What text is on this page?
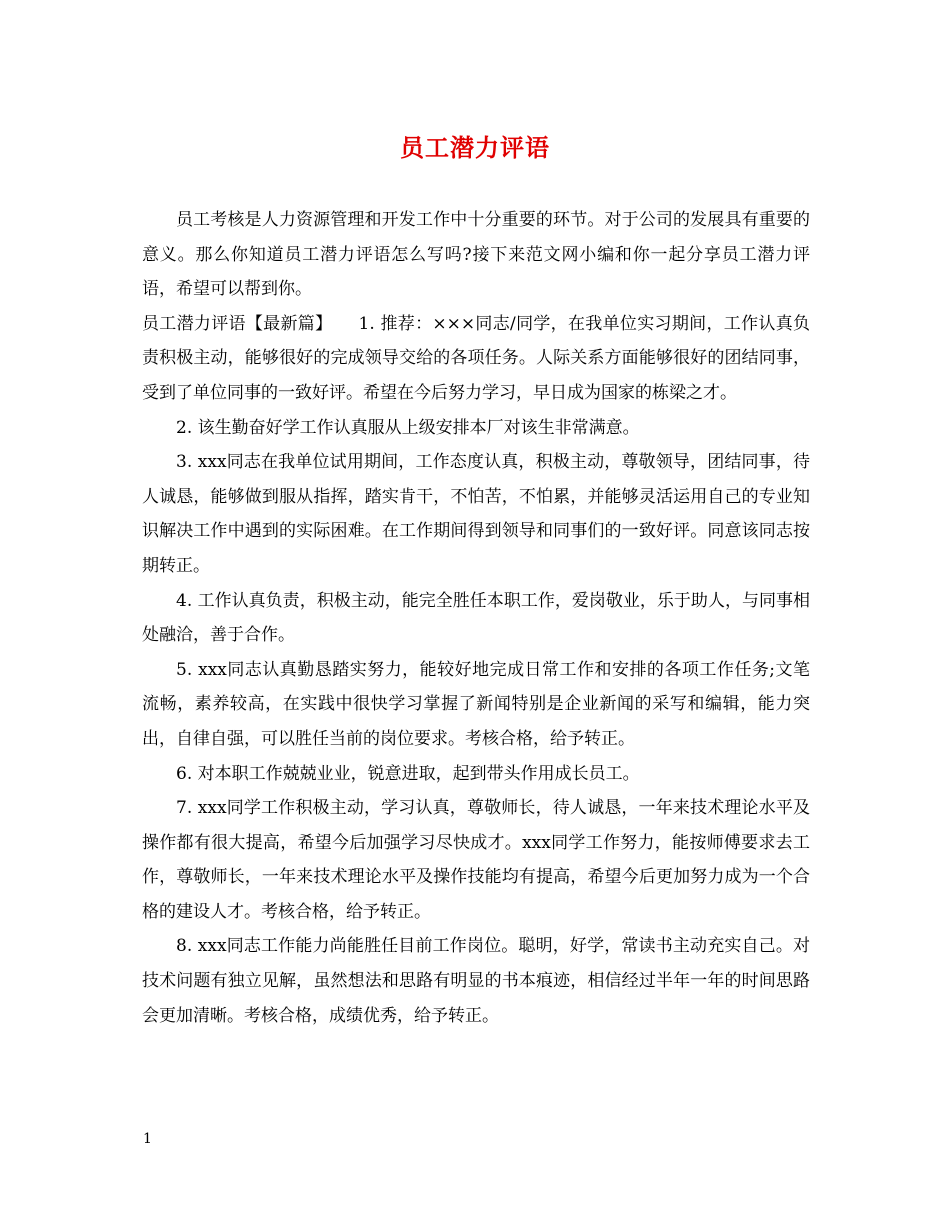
员工潜力评语

员工考核是人力资源管理和开发工作中十分重要的环节。对于公司的发展具有重要的意义。那么你知道员工潜力评语怎么写吗?接下来范文网小编和你一起分享员工潜力评语，希望可以帮到你。

员工潜力评语【最新篇】　　 1. 推荐：×××同志/同学，在我单位实习期间，工作认真负责积极主动，能够很好的完成领导交给的各项任务。人际关系方面能够很好的团结同事，受到了单位同事的一致好评。希望在今后努力学习，早日成为国家的栋梁之才。

2. 该生勤奋好学工作认真服从上级安排本厂对该生非常满意。

3. xxx同志在我单位试用期间，工作态度认真，积极主动，尊敬领导，团结同事，待人诚恳，能够做到服从指挥，踏实肯干，不怕苦，不怕累，并能够灵活运用自己的专业知识解决工作中遇到的实际困难。在工作期间得到领导和同事们的一致好评。同意该同志按期转正。

4. 工作认真负责，积极主动，能完全胜任本职工作，爱岗敬业，乐于助人，与同事相处融洽，善于合作。

5. xxx同志认真勤恳踏实努力，能较好地完成日常工作和安排的各项工作任务;文笔流畅，素养较高，在实践中很快学习掌握了新闻特别是企业新闻的采写和编辑，能力突出，自律自强，可以胜任当前的岗位要求。考核合格，给予转正。

6. 对本职工作兢兢业业，锐意进取，起到带头作用成长员工。

7. xxx同学工作积极主动，学习认真，尊敬师长，待人诚恳，一年来技术理论水平及操作都有很大提高，希望今后加强学习尽快成才。xxx同学工作努力，能按师傅要求去工作，尊敬师长，一年来技术理论水平及操作技能均有提高，希望今后更加努力成为一个合格的建设人才。考核合格，给予转正。

8. xxx同志工作能力尚能胜任目前工作岗位。聪明，好学，常读书主动充实自己。对技术问题有独立见解，虽然想法和思路有明显的书本痕迹，相信经过半年一年的时间思路会更加清晰。考核合格，成绩优秀，给予转正。

1
